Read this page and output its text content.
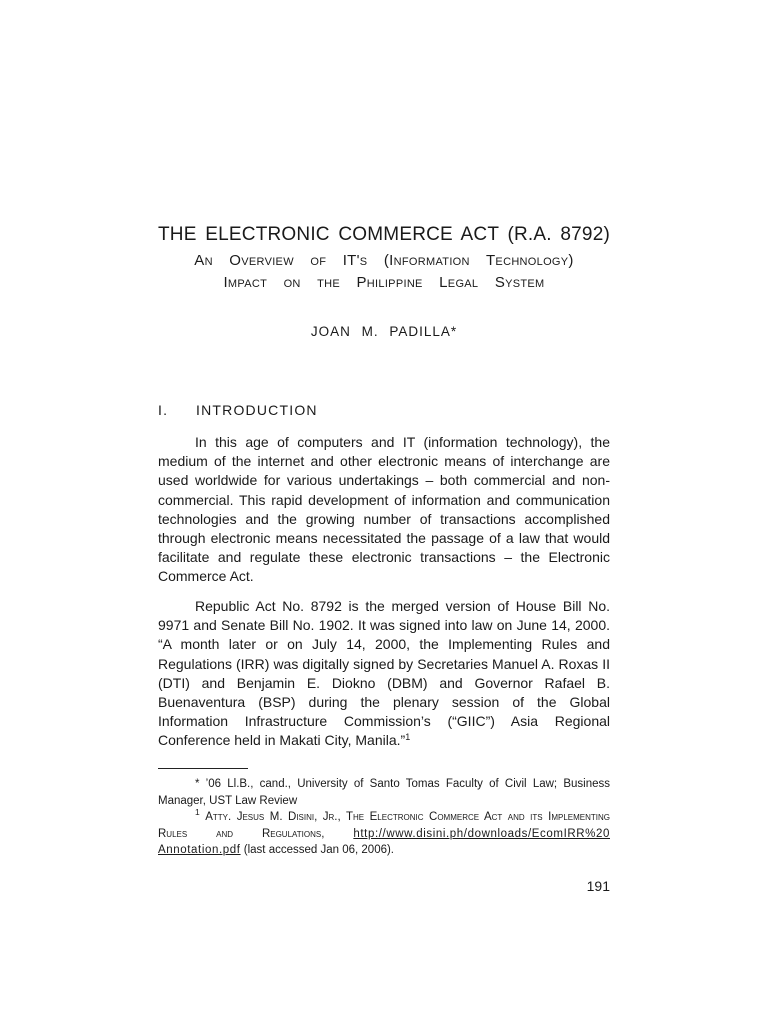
THE ELECTRONIC COMMERCE ACT (R.A. 8792)
An Overview of IT's (Information Technology)
Impact on the Philippine Legal System
JOAN M. PADILLA*
I. INTRODUCTION

In this age of computers and IT (information technology), the medium of the internet and other electronic means of interchange are used worldwide for various undertakings – both commercial and non-commercial. This rapid development of information and communication technologies and the growing number of transactions accomplished through electronic means necessitated the passage of a law that would facilitate and regulate these electronic transactions – the Electronic Commerce Act.

Republic Act No. 8792 is the merged version of House Bill No. 9971 and Senate Bill No. 1902. It was signed into law on June 14, 2000. “A month later or on July 14, 2000, the Implementing Rules and Regulations (IRR) was digitally signed by Secretaries Manuel A. Roxas II (DTI) and Benjamin E. Diokno (DBM) and Governor Rafael B. Buenaventura (BSP) during the plenary session of the Global Information Infrastructure Commission’s (“GIIC”) Asia Regional Conference held in Makati City, Manila.”$^1$

* ’06 Ll.B., cand., University of Santo Tomas Faculty of Civil Law; Business Manager, UST Law Review

$^1$ Atty. Jesus M. Disini, Jr., The Electronic Commerce Act and its Implementing Rules and Regulations,	http://www.disini.ph/downloads/EcomIRR%20 Annotation.pdf (last accessed Jan 06, 2006).

191
